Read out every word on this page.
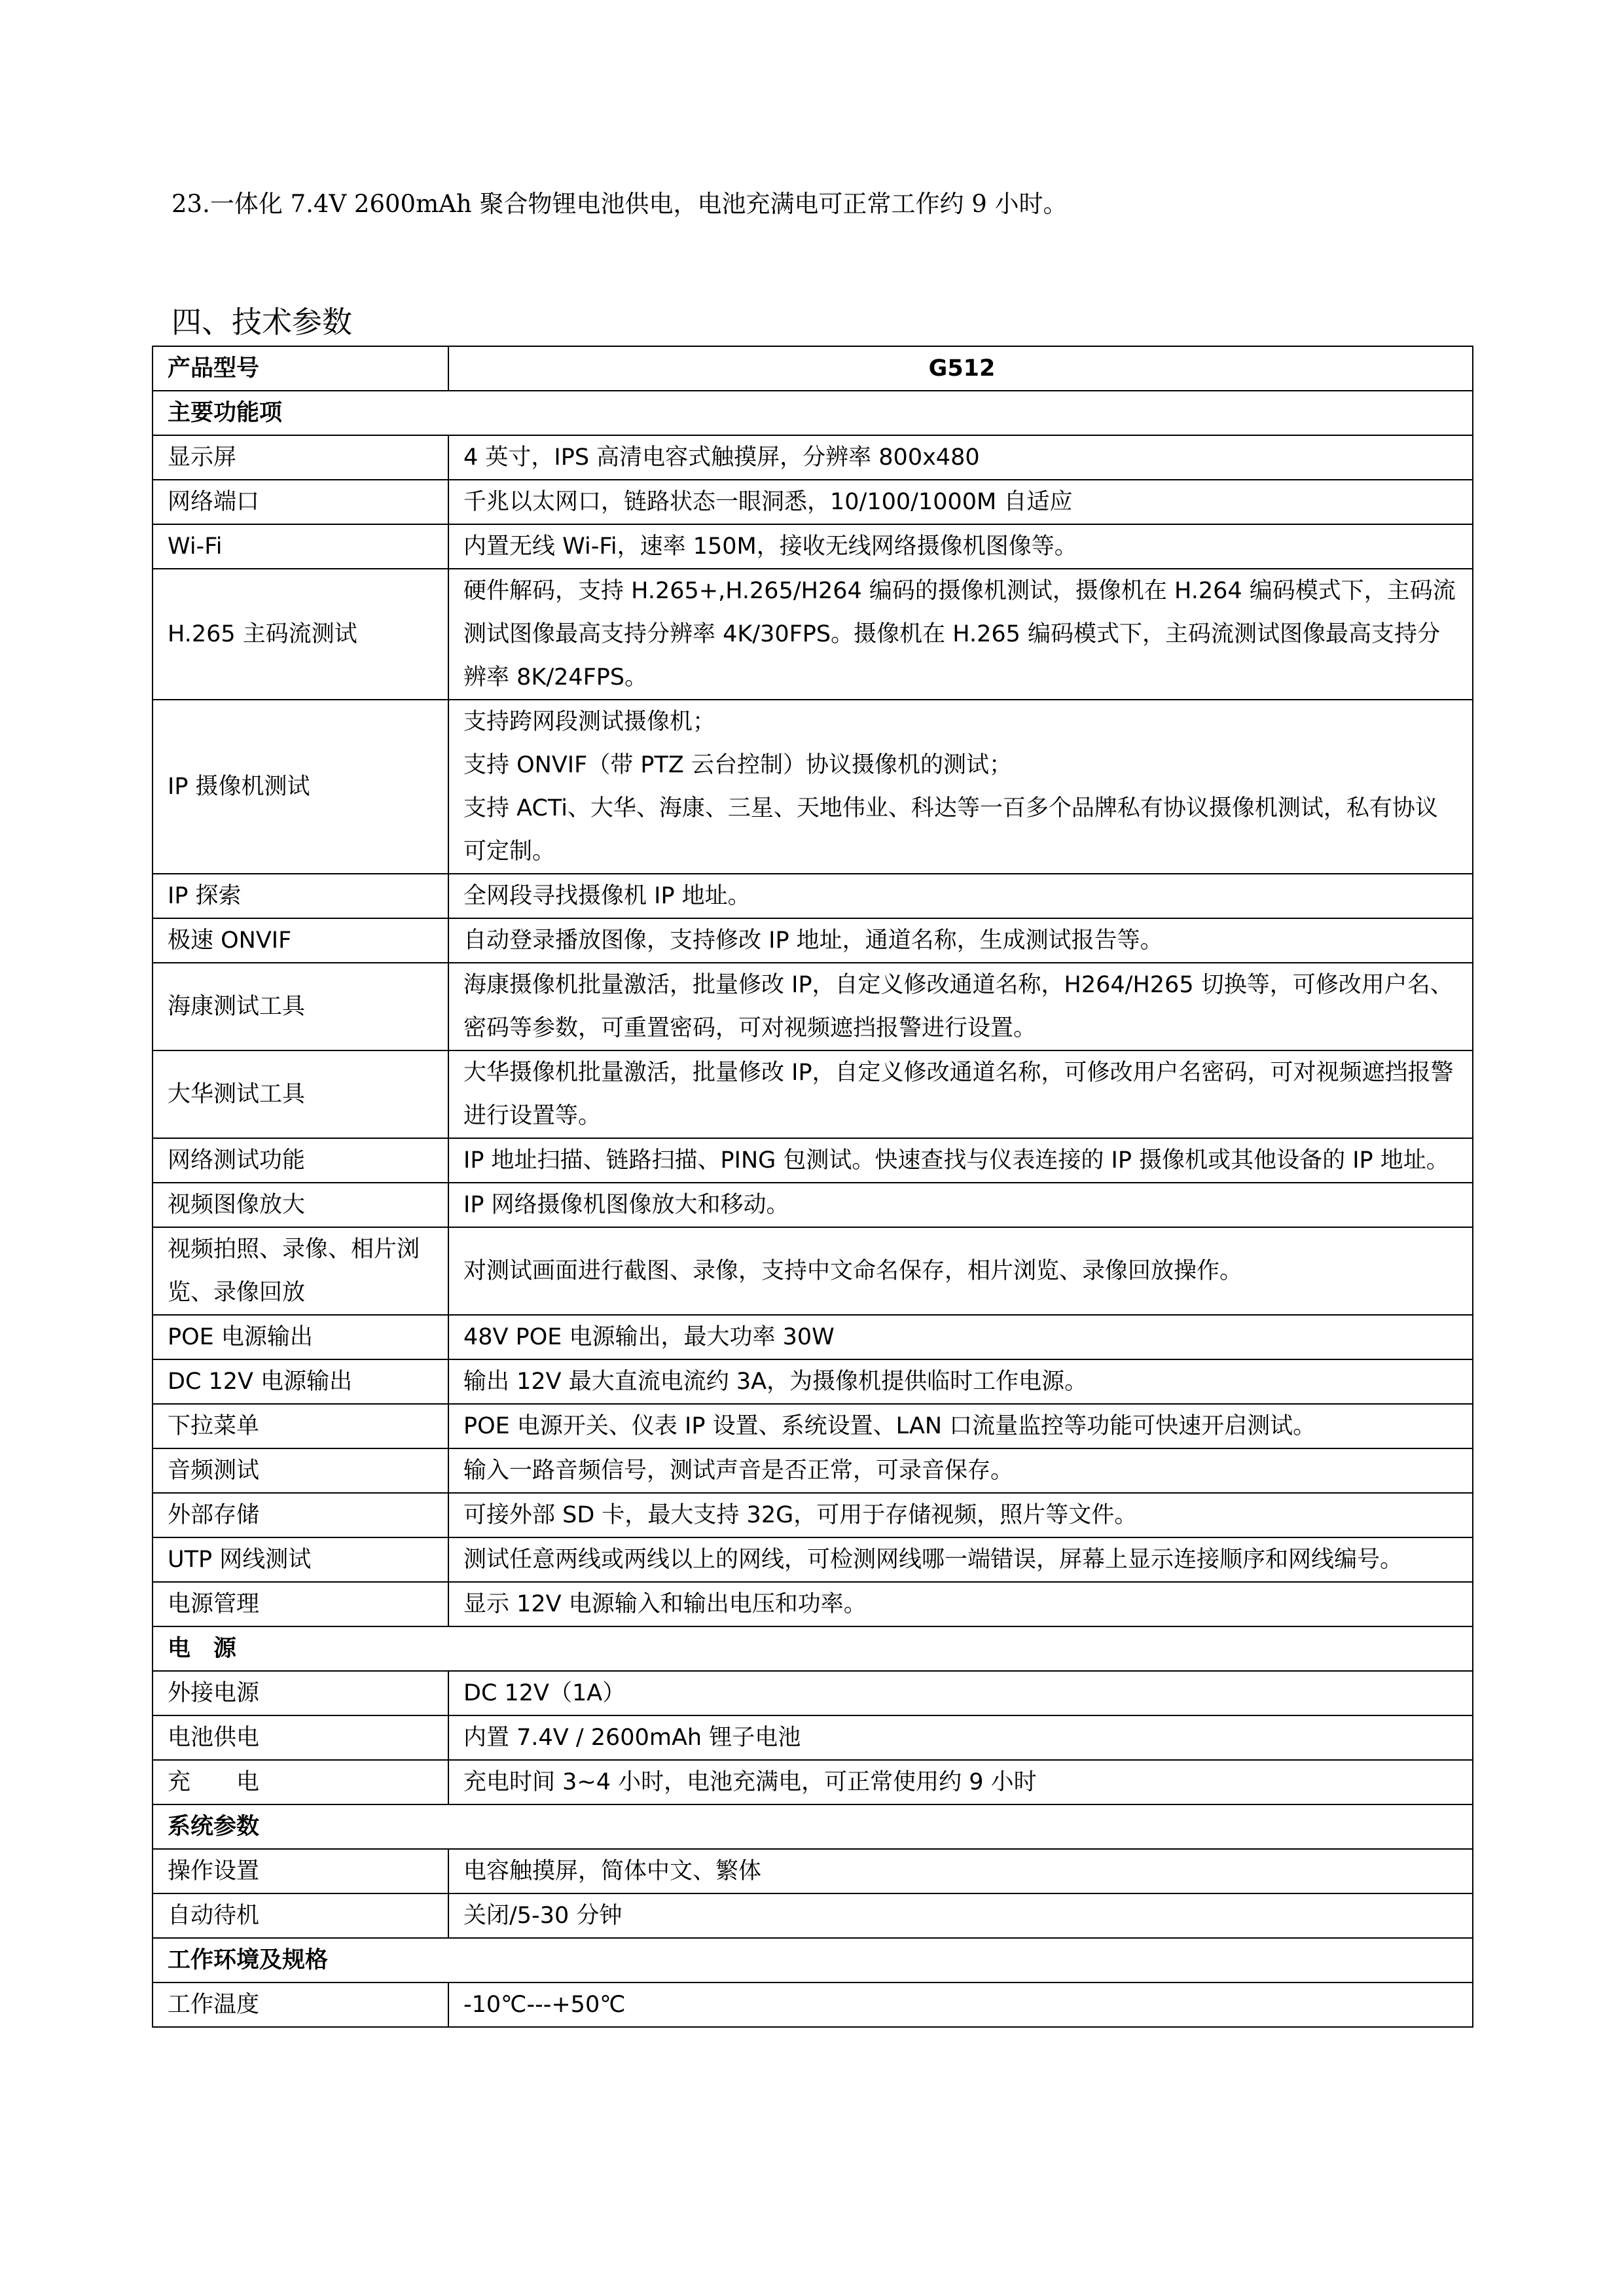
23.一体化 7.4V 2600mAh 聚合物锂电池供电，电池充满电可正常工作约 9 小时。
四、技术参数
产品型号	G512
主要功能项	
显示屏	4 英寸，IPS 高清电容式触摸屏，分辨率 800x480
网络端口	千兆以太网口，链路状态一眼洞悉，10/100/1000M 自适应
Wi-Fi	内置无线 Wi-Fi，速率 150M，接收无线网络摄像机图像等。
H.265 主码流测试	硬件解码，支持 H.265+,H.265/H264 编码的摄像机测试，摄像机在 H.264 编码模式下，主码流测试图像最高支持分辨率 4K/30FPS。摄像机在 H.265 编码模式下，主码流测试图像最高支持分辨率 8K/24FPS。
IP 摄像机测试	支持跨网段测试摄像机；
支持 ONVIF（带 PTZ 云台控制）协议摄像机的测试；
支持 ACTi、大华、海康、三星、天地伟业、科达等一百多个品牌私有协议摄像机测试，私有协议可定制。

IP 探索	全网段寻找摄像机 IP 地址。
极速 ONVIF	自动登录播放图像，支持修改 IP 地址，通道名称，生成测试报告等。
海康测试工具	海康摄像机批量激活，批量修改 IP，自定义修改通道名称，H264/H265 切换等，可修改用户名、密码等参数，可重置密码，可对视频遮挡报警进行设置。
大华测试工具	大华摄像机批量激活，批量修改 IP，自定义修改通道名称，可修改用户名密码，可对视频遮挡报警进行设置等。
网络测试功能	IP 地址扫描、链路扫描、PING 包测试。快速查找与仪表连接的 IP 摄像机或其他设备的 IP 地址。
视频图像放大	IP 网络摄像机图像放大和移动。
视频拍照、录像、相片浏览、录像回放	对测试画面进行截图、录像，支持中文命名保存，相片浏览、录像回放操作。
POE 电源输出	48V POE 电源输出，最大功率 30W
DC 12V 电源输出	输出 12V 最大直流电流约 3A，为摄像机提供临时工作电源。
下拉菜单	POE 电源开关、仪表 IP 设置、系统设置、LAN 口流量监控等功能可快速开启测试。
音频测试	输入一路音频信号，测试声音是否正常，可录音保存。
外部存储	可接外部 SD 卡，最大支持 32G，可用于存储视频，照片等文件。
UTP 网线测试	测试任意两线或两线以上的网线，可检测网线哪一端错误，屏幕上显示连接顺序和网线编号。
电源管理	显示 12V 电源输入和输出电压和功率。
电　源	
外接电源	DC 12V（1A）
电池供电	内置 7.4V / 2600mAh 锂子电池
充　　电	充电时间 3~4 小时，电池充满电，可正常使用约 9 小时
系统参数	
操作设置	电容触摸屏，简体中文、繁体
自动待机	关闭/5-30 分钟
工作环境及规格	
工作温度	-10℃---+50℃
